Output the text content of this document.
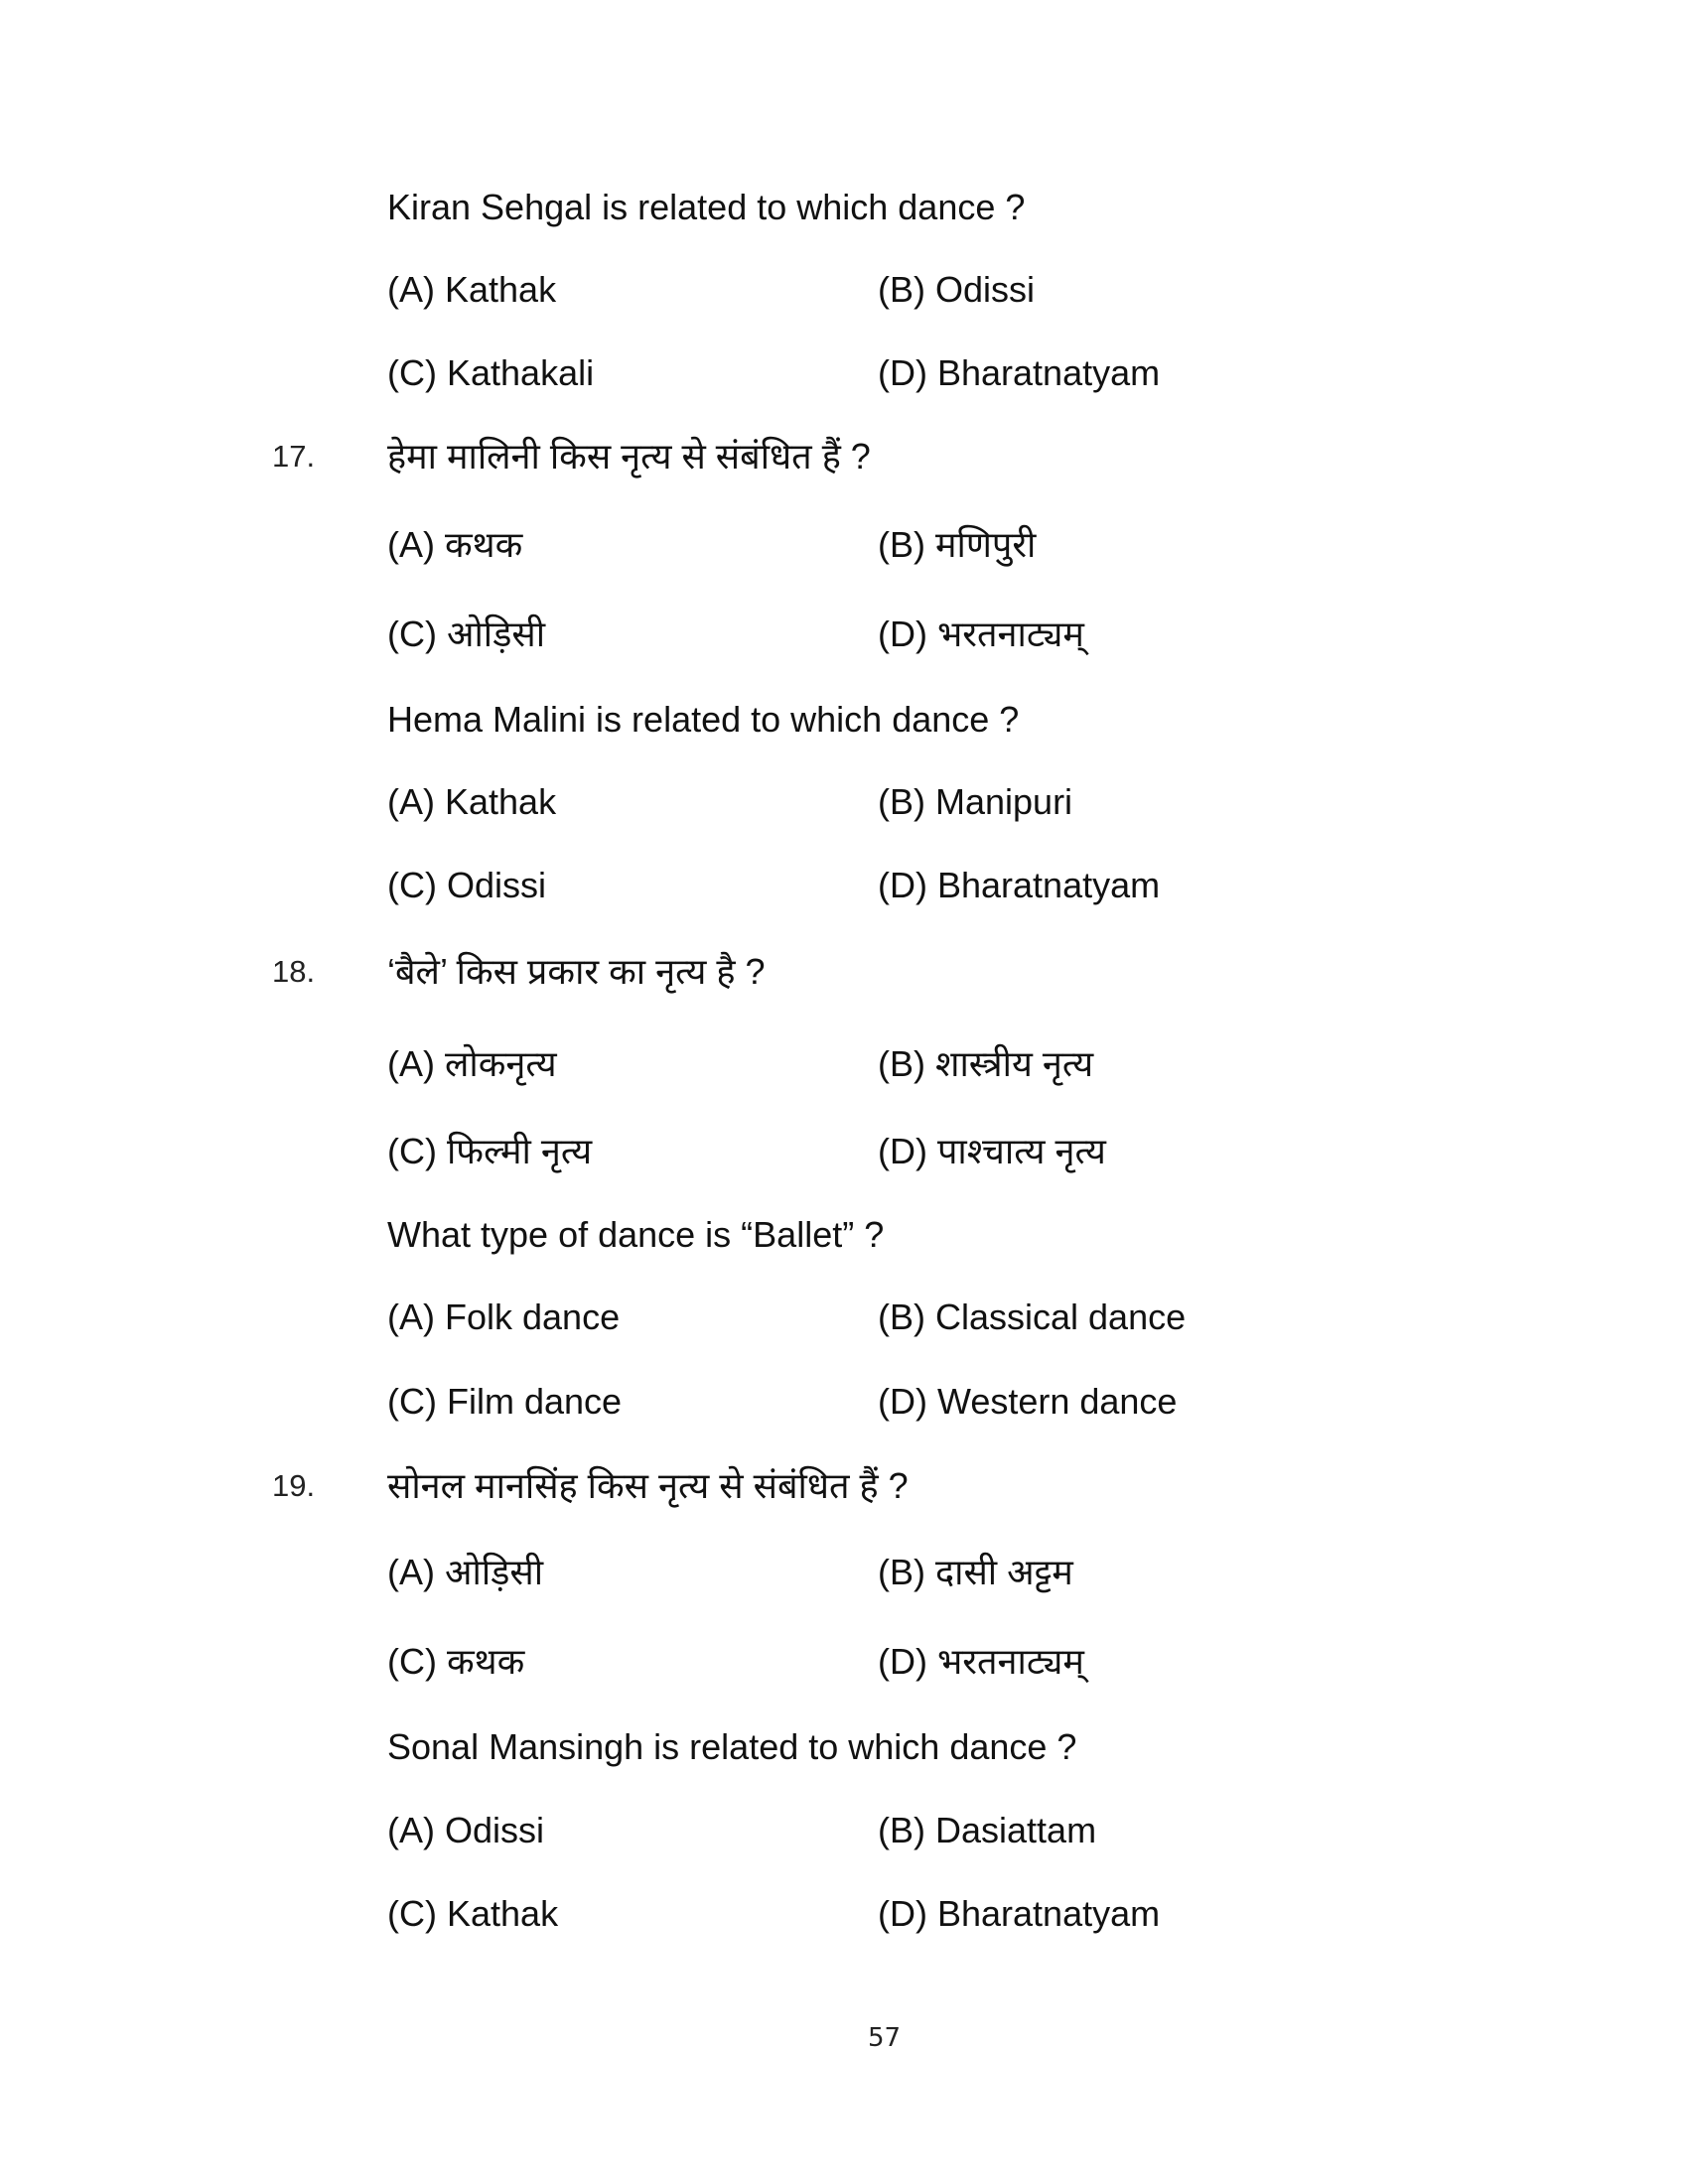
Kiran Sehgal is related to which dance ?
(A) Kathak	(B) Odissi
(C) Kathakali	(D) Bharatnatyam
17. हेमा मालिनी किस नृत्य से संबंधित हैं ?
(A) कथक	(B) मणिपुरी
(C) ओड़िसी	(D) भरतनाट्यम्
Hema Malini is related to which dance ?
(A) Kathak	(B) Manipuri
(C) Odissi	(D) Bharatnatyam
18. ‘बैले’ किस प्रकार का नृत्य है ?
(A) लोकनृत्य	(B) शास्त्रीय नृत्य
(C) फिल्मी नृत्य	(D) पाश्चात्य नृत्य
What type of dance is “Ballet” ?
(A) Folk dance	(B) Classical dance
(C) Film dance	(D) Western dance
19. सोनल मानसिंह किस नृत्य से संबंधित हैं ?
(A) ओड़िसी	(B) दासी अट्टम
(C) कथक	(D) भरतनाट्यम्
Sonal Mansingh is related to which dance ?
(A) Odissi	(B) Dasiattam
(C) Kathak	(D) Bharatnatyam
57
